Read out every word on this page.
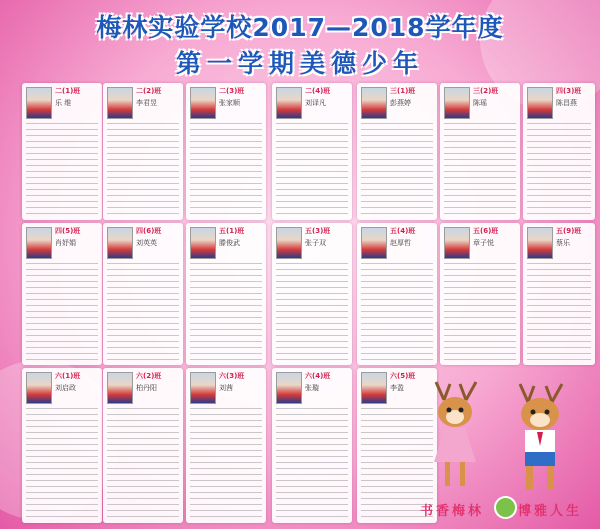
梅林实验学校2017—2018学年度
第一学期美德少年
二(1)班
乐 维
二(2)班
李君昱
二(3)班
张家顺
二(4)班
刘译凡
三(1)班
彭燕婷
三(2)班
陈瑶
四(3)班
陈昌燕
四(5)班
肖妤娟
四(6)班
刘英英
五(1)班
滕俊武
五(3)班
张子双
五(4)班
赵厚哲
五(6)班
章子悦
五(9)班
蔡乐
六(1)班
刘启政
六(2)班
柏丹阳
六(3)班
刘茜
六(4)班
张璇
六(5)班
李盈
书香梅林	博雅人生
